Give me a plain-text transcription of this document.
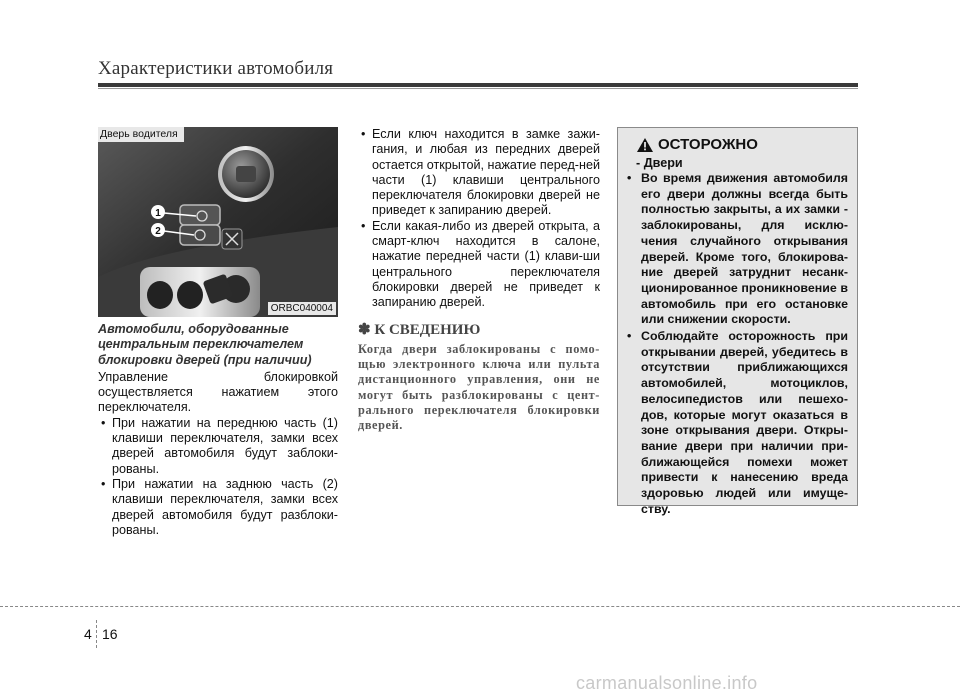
Характеристики автомобиля
1
2
Дверь водителя
ORBC040004
Автомобили, оборудованные центральным переключателем блокировки дверей (при наличии)
Управление блокировкой осуществляется нажатием этого переключателя.
• При нажатии на переднюю часть (1) клавиши переключателя, замки всех дверей автомобиля будут заблоки-рованы.
• При нажатии на заднюю часть (2) клавиши переключателя, замки всех дверей автомобиля будут разблоки-рованы.
• Если ключ находится в замке зажи-гания, и любая из передних дверей остается открытой, нажатие перед-ней части (1) клавиши центрального переключателя блокировки дверей не приведет к запиранию дверей.
• Если какая-либо из дверей открыта, а смарт-ключ находится в салоне, нажатие передней части (1) клави-ши центрального переключателя блокировки дверей не приведет к запиранию дверей.
✽ К СВЕДЕНИЮ
Когда двери заблокированы с помо-щью электронного ключа или пульта дистанционного управления, они не могут быть разблокированы с цент-рального переключателя блокировки дверей.
ОСТОРОЖНО
- Двери
• Во время движения автомобиля его двери должны всегда быть полностью закрыты, а их замки - заблокированы, для исклю-чения случайного открывания дверей. Кроме того, блокирова-ние дверей затруднит несанк-ционированное проникновение в автомобиль при его остановке или снижении скорости.
• Соблюдайте осторожность при открывании дверей, убедитесь в отсутствии приближающихся автомобилей, мотоциклов, велосипедистов или пешехо-дов, которые могут оказаться в зоне открывания двери. Откры-вание двери при наличии при-ближающейся помехи может привести к нанесению вреда здоровью людей или имуще-ству.
4 16
carmanualsonline.info
